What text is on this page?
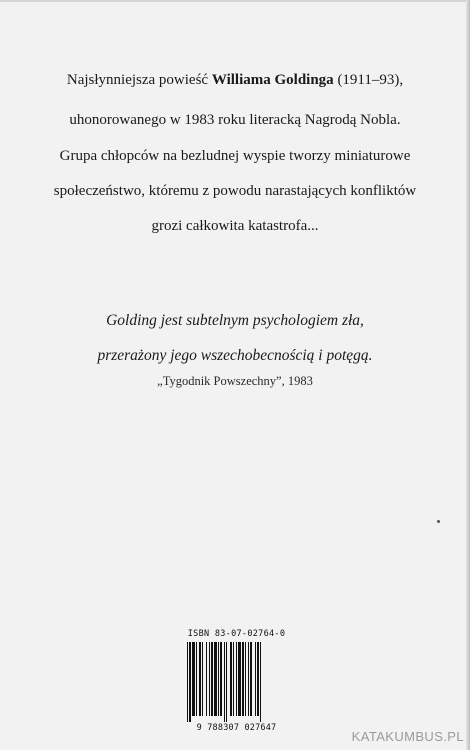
Najsłynniejsza powieść Williama Goldinga (1911–93),
uhonorowanego w 1983 roku literacką Nagrodą Nobla.
Grupa chłopców na bezludnej wyspie tworzy miniaturowe
społeczeństwo, któremu z powodu narastających konfliktów
grozi całkowita katastrofa...
Golding jest subtelnym psychologiem zła,
przerażony jego wszechobecnością i potęgą.
„Tygodnik Powszechny”, 1983
ISBN 83-07-02764-0
9 788307 027647
KATAKUMBUS.PL
